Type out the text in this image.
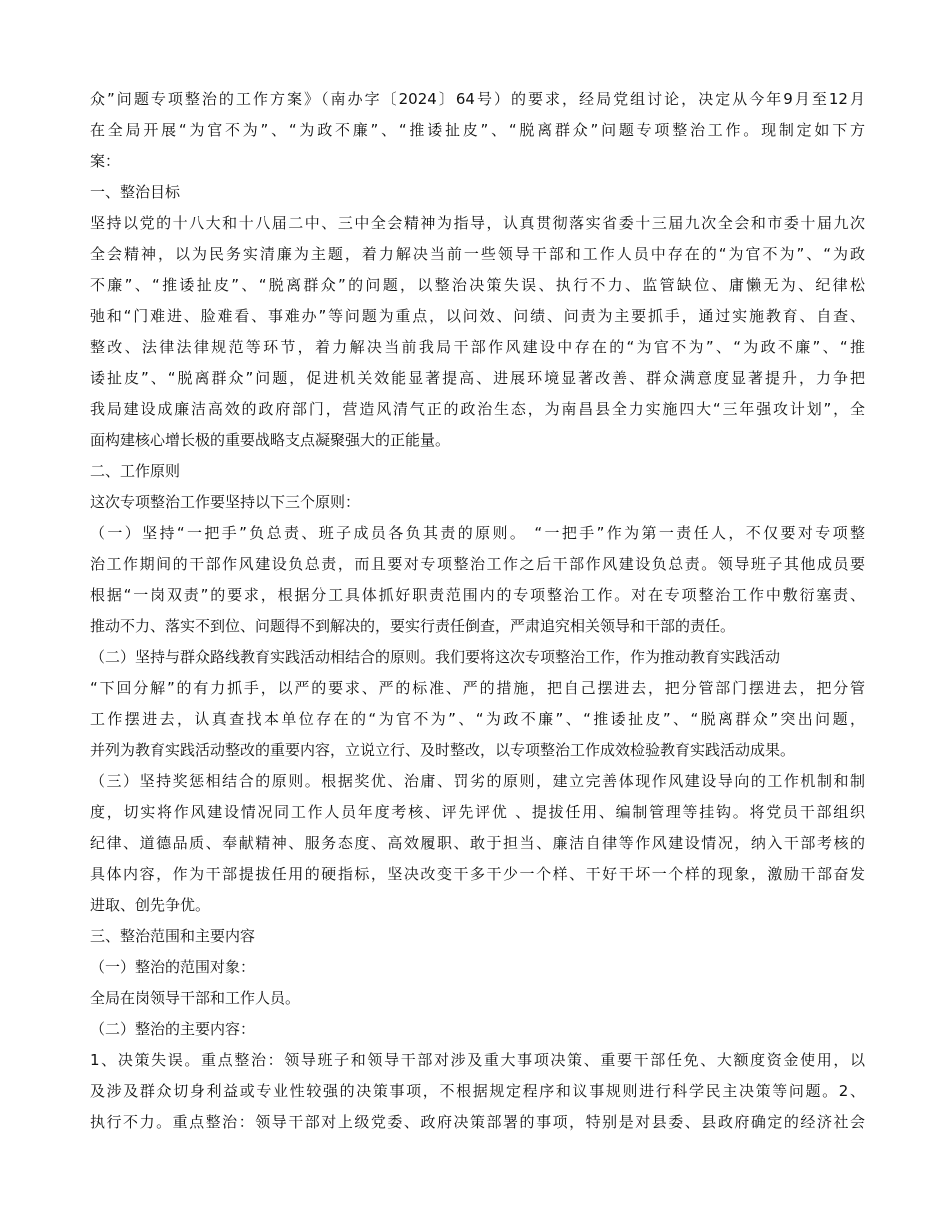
众”问题专项整治的工作方案》（南办字〔2024〕64号）的要求，经局党组讨论，决定从今年9月至12月
在全局开展“为官不为”、“为政不廉”、“推诿扯皮”、“脱离群众”问题专项整治工作。现制定如下方
案：
一、整治目标
坚持以党的十八大和十八届二中、三中全会精神为指导，认真贯彻落实省委十三届九次全会和市委十届九次
全会精神，以为民务实清廉为主题，着力解决当前一些领导干部和工作人员中存在的“为官不为”、“为政
不廉”、“推诿扯皮”、“脱离群众”的问题，以整治决策失误、执行不力、监管缺位、庸懒无为、纪律松
弛和“门难进、脸难看、事难办”等问题为重点，以问效、问绩、问责为主要抓手，通过实施教育、自查、
整改、法律法律规范等环节，着力解决当前我局干部作风建设中存在的“为官不为”、“为政不廉”、“推
诿扯皮”、“脱离群众”问题，促进机关效能显著提高、进展环境显著改善、群众满意度显著提升，力争把
我局建设成廉洁高效的政府部门，营造风清气正的政治生态，为南昌县全力实施四大“三年强攻计划”，全
面构建核心增长极的重要战略支点凝聚强大的正能量。
二、工作原则
这次专项整治工作要坚持以下三个原则：
（一）坚持“一把手”负总责、班子成员各负其责的原则。 “一把手”作为第一责任人，不仅要对专项整
治工作期间的干部作风建设负总责，而且要对专项整治工作之后干部作风建设负总责。领导班子其他成员要
根据“一岗双责”的要求，根据分工具体抓好职责范围内的专项整治工作。对在专项整治工作中敷衍塞责、
推动不力、落实不到位、问题得不到解决的，要实行责任倒查，严肃追究相关领导和干部的责任。
（二）坚持与群众路线教育实践活动相结合的原则。我们要将这次专项整治工作，作为推动教育实践活动
“下回分解”的有力抓手，以严的要求、严的标准、严的措施，把自己摆进去，把分管部门摆进去，把分管
工作摆进去，认真查找本单位存在的“为官不为”、“为政不廉”、“推诿扯皮”、“脱离群众”突出问题，
并列为教育实践活动整改的重要内容，立说立行、及时整改，以专项整治工作成效检验教育实践活动成果。
（三）坚持奖惩相结合的原则。根据奖优、治庸、罚劣的原则，建立完善体现作风建设导向的工作机制和制
度，切实将作风建设情况同工作人员年度考核、评先评优 、提拔任用、编制管理等挂钩。将党员干部组织
纪律、道德品质、奉献精神、服务态度、高效履职、敢于担当、廉洁自律等作风建设情况，纳入干部考核的
具体内容，作为干部提拔任用的硬指标，坚决改变干多干少一个样、干好干坏一个样的现象，激励干部奋发
进取、创先争优。
三、整治范围和主要内容
（一）整治的范围对象：
全局在岗领导干部和工作人员。
（二）整治的主要内容：
1、决策失误。重点整治：领导班子和领导干部对涉及重大事项决策、重要干部任免、大额度资金使用，以
及涉及群众切身利益或专业性较强的决策事项，不根据规定程序和议事规则进行科学民主决策等问题。2、
执行不力。重点整治：领导干部对上级党委、政府决策部署的事项，特别是对县委、县政府确定的经济社会
